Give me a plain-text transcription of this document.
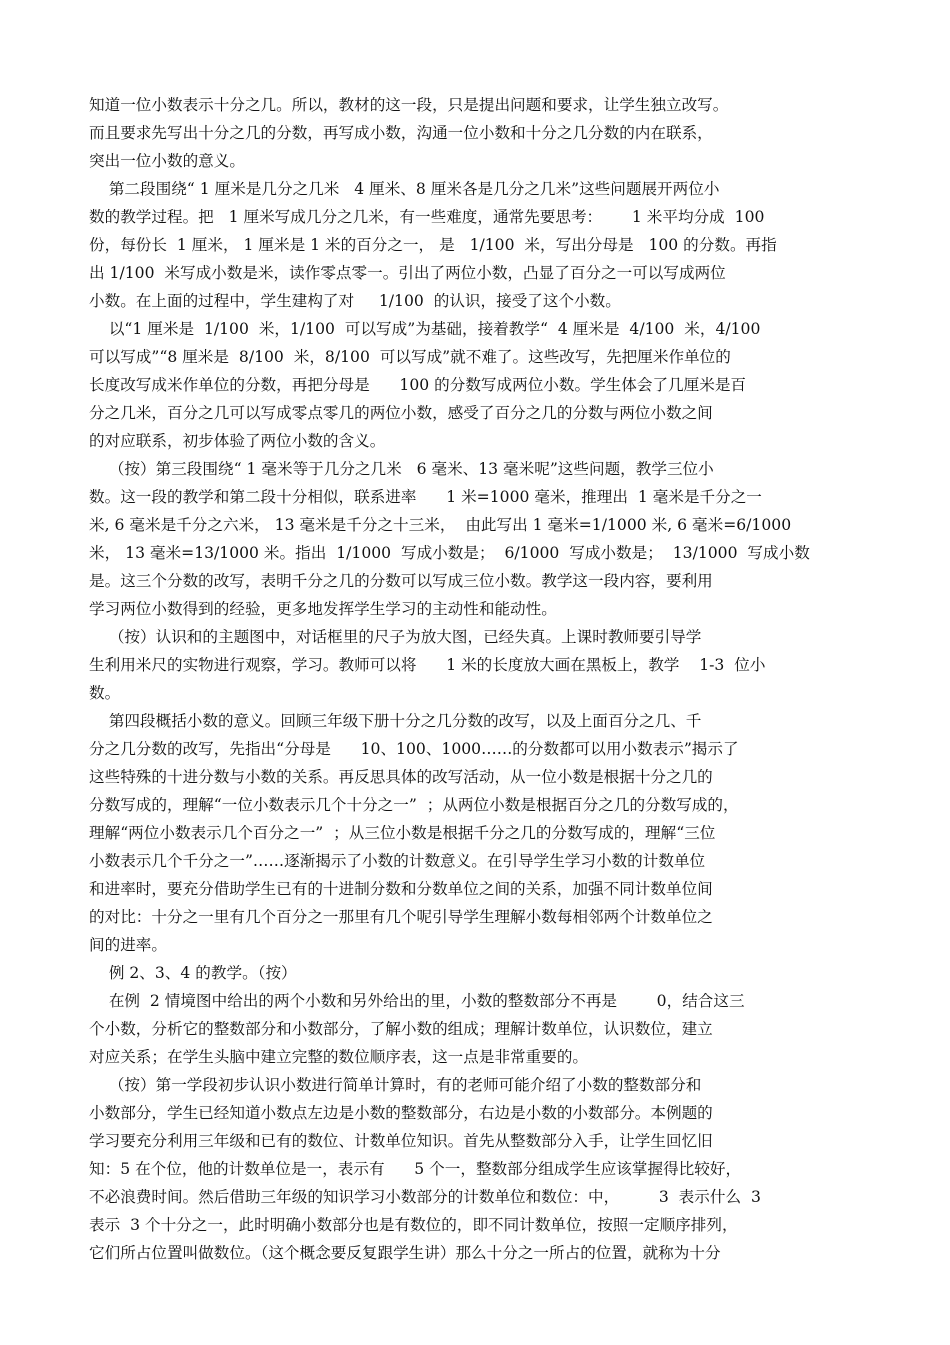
知道一位小数表示十分之几。所以，教材的这一段，只是提出问题和要求，让学生独立改写。
而且要求先写出十分之几的分数，再写成小数，沟通一位小数和十分之几分数的内在联系，
突出一位小数的意义。
第二段围绕“ 1 厘米是几分之几米   4 厘米、8 厘米各是几分之几米”这些问题展开两位小
数的教学过程。把   1 厘米写成几分之几米，有一些难度，通常先要思考：      1 米平均分成  100
份，每份长  1 厘米， 1 厘米是 1 米的百分之一， 是   1/100  米，写出分母是   100 的分数。再指
出 1/100  米写成小数是米，读作零点零一。引出了两位小数，凸显了百分之一可以写成两位
小数。在上面的过程中，学生建构了对     1/100  的认识，接受了这个小数。
以“1 厘米是  1/100  米，1/100  可以写成”为基础，接着教学“  4 厘米是  4/100  米，4/100
可以写成”“8 厘米是  8/100  米，8/100  可以写成”就不难了。这些改写，先把厘米作单位的
长度改写成米作单位的分数，再把分母是      100 的分数写成两位小数。学生体会了几厘米是百
分之几米，百分之几可以写成零点零几的两位小数，感受了百分之几的分数与两位小数之间
的对应联系，初步体验了两位小数的含义。
（按）第三段围绕“ 1 毫米等于几分之几米   6 毫米、13 毫米呢”这些问题，教学三位小
数。这一段的教学和第二段十分相似，联系进率      1 米=1000 毫米，推理出  1 毫米是千分之一
米, 6 毫米是千分之六米， 13 毫米是千分之十三米，  由此写出 1 毫米=1/1000 米, 6 毫米=6/1000
米， 13 毫米=13/1000 米。指出  1/1000  写成小数是；  6/1000  写成小数是；  13/1000  写成小数
是。这三个分数的改写，表明千分之几的分数可以写成三位小数。教学这一段内容，要利用
学习两位小数得到的经验，更多地发挥学生学习的主动性和能动性。
（按）认识和的主题图中，对话框里的尺子为放大图，已经失真。上课时教师要引导学
生利用米尺的实物进行观察，学习。教师可以将      1 米的长度放大画在黑板上，教学    1-3  位小
数。
第四段概括小数的意义。回顾三年级下册十分之几分数的改写，以及上面百分之几、千
分之几分数的改写，先指出“分母是      10、100、1000……的分数都可以用小数表示”揭示了
这些特殊的十进分数与小数的关系。再反思具体的改写活动，从一位小数是根据十分之几的
分数写成的，理解“一位小数表示几个十分之一”  ；从两位小数是根据百分之几的分数写成的，
理解“两位小数表示几个百分之一”  ；从三位小数是根据千分之几的分数写成的，理解“三位
小数表示几个千分之一”……逐渐揭示了小数的计数意义。在引导学生学习小数的计数单位
和进率时，要充分借助学生已有的十进制分数和分数单位之间的关系，加强不同计数单位间
的对比：十分之一里有几个百分之一那里有几个呢引导学生理解小数每相邻两个计数单位之
间的进率。
例 2、3、4 的教学。（按）
在例  2 情境图中给出的两个小数和另外给出的里，小数的整数部分不再是        0，结合这三
个小数，分析它的整数部分和小数部分，了解小数的组成；理解计数单位，认识数位，建立
对应关系；在学生头脑中建立完整的数位顺序表，这一点是非常重要的。
（按）第一学段初步认识小数进行简单计算时，有的老师可能介绍了小数的整数部分和
小数部分，学生已经知道小数点左边是小数的整数部分，右边是小数的小数部分。本例题的
学习要充分利用三年级和已有的数位、计数单位知识。首先从整数部分入手，让学生回忆旧
知：5 在个位，他的计数单位是一，表示有      5 个一，整数部分组成学生应该掌握得比较好，
不必浪费时间。然后借助三年级的知识学习小数部分的计数单位和数位：中，        3  表示什么  3
表示  3 个十分之一，此时明确小数部分也是有数位的，即不同计数单位，按照一定顺序排列，
它们所占位置叫做数位。（这个概念要反复跟学生讲）那么十分之一所占的位置，就称为十分
